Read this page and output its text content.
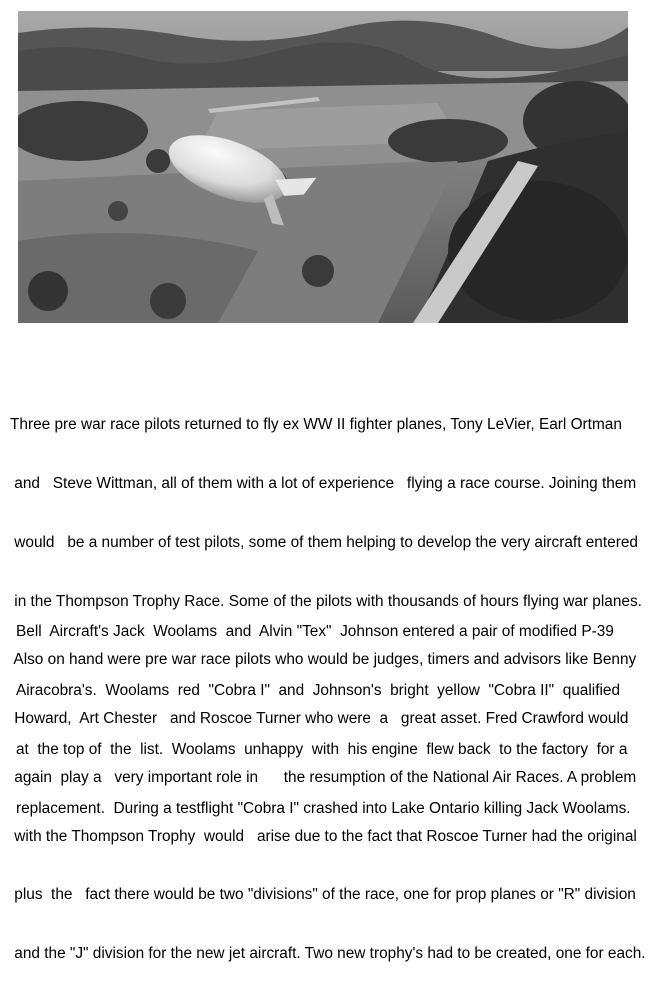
Three pre war race pilots returned to fly ex WW II fighter planes, Tony LeVier, Earl Ortman

and   Steve Wittman, all of them with a lot of experience   flying a race course. Joining them

would   be a number of test pilots, some of them helping to develop the very aircraft entered

in the Thompson Trophy Race. Some of the pilots with thousands of hours flying war planes.

Also on hand were pre war race pilots who would be judges, timers and advisors like Benny

Howard,  Art Chester   and Roscoe Turner who were  a   great asset. Fred Crawford would

again  play a   very important role in      the resumption of the National Air Races. A problem

with the Thompson Trophy  would   arise due to the fact that Roscoe Turner had the original

plus  the   fact there would be two "divisions" of the race, one for prop planes or "R" division

and the "J" division for the new jet aircraft. Two new trophy's had to be created, one for each.

Bell  Aircraft's Jack  Woolams  and  Alvin "Tex"  Johnson entered a pair of modified P-39

Airacobra's.  Woolams  red  "Cobra I"  and  Johnson's  bright  yellow  "Cobra II"  qualified

at  the top of  the  list.  Woolams  unhappy  with  his engine  flew back  to the factory  for a

replacement.  During a testflight "Cobra I" crashed into Lake Ontario killing Jack Woolams.
